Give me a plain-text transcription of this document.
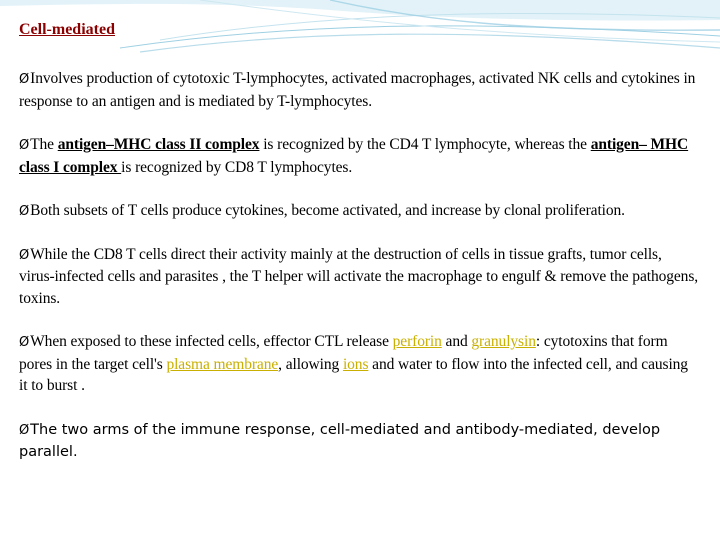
Cell-mediated
ØInvolves production of cytotoxic T-lymphocytes, activated macrophages, activated NK cells and cytokines in response to an antigen and is mediated by T-lymphocytes.
ØThe antigen–MHC class II complex is recognized by the CD4 T lymphocyte, whereas the antigen– MHC class I complex is recognized by CD8 T lymphocytes.
ØBoth subsets of T cells produce cytokines, become activated, and increase by clonal proliferation.
ØWhile the CD8 T cells direct their activity mainly at the destruction of cells in tissue grafts, tumor cells, virus-infected cells and parasites , the T helper will activate the macrophage to engulf & remove the pathogens, toxins.
ØWhen exposed to these infected cells, effector CTL release perforin and granulysin: cytotoxins that form pores in the target cell's plasma membrane, allowing ions and water to flow into the infected cell, and causing it to burst .
ØThe two arms of the immune response, cell-mediated and antibody-mediated, develop parallel.
